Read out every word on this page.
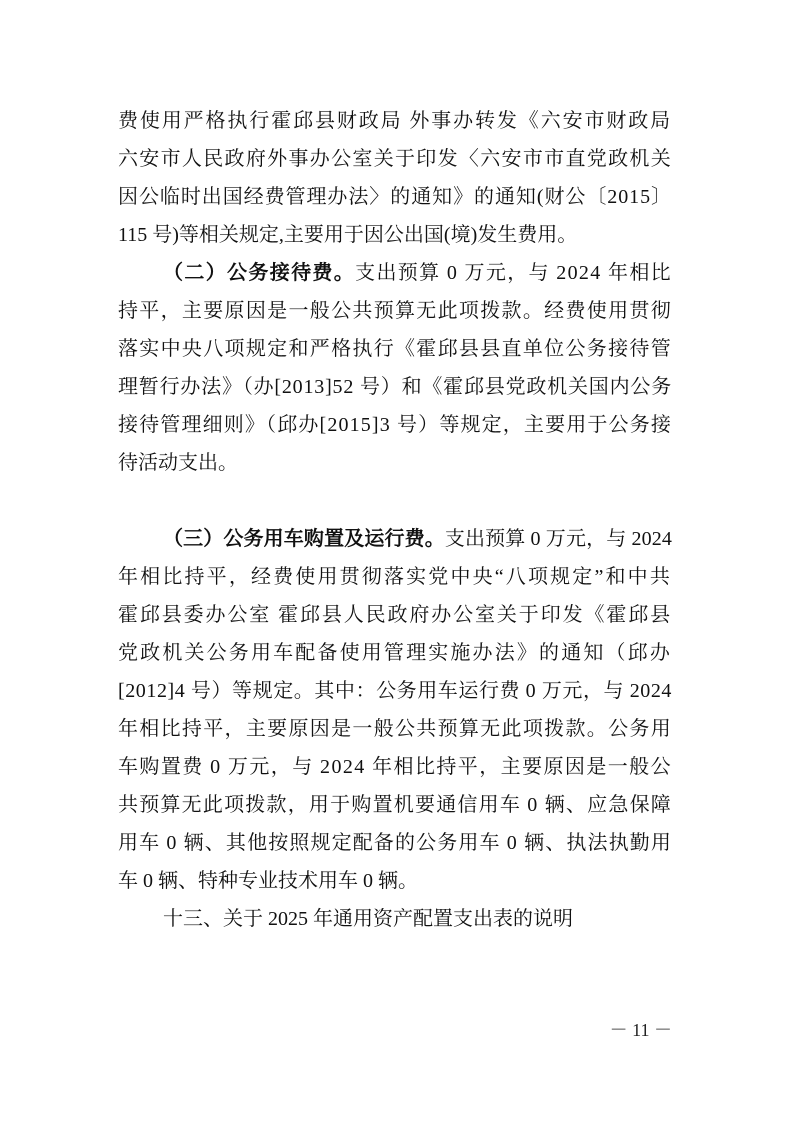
费使用严格执行霍邱县财政局 外事办转发《六安市财政局
六安市人民政府外事办公室关于印发〈六安市市直党政机关
因公临时出国经费管理办法〉的通知》的通知(财公〔2015〕
115 号)等相关规定,主要用于因公出国(境)发生费用。
（二）公务接待费。支出预算 0 万元，与 2024 年相比
持平，主要原因是一般公共预算无此项拨款。经费使用贯彻
落实中央八项规定和严格执行《霍邱县县直单位公务接待管
理暂行办法》（办[2013]52 号）和《霍邱县党政机关国内公务
接待管理细则》（邱办[2015]3 号）等规定，主要用于公务接
待活动支出。
（三）公务用车购置及运行费。支出预算 0 万元，与 2024
年相比持平，经费使用贯彻落实党中央“八项规定”和中共
霍邱县委办公室 霍邱县人民政府办公室关于印发《霍邱县
党政机关公务用车配备使用管理实施办法》的通知（邱办
[2012]4 号）等规定。其中：公务用车运行费 0 万元，与 2024
年相比持平，主要原因是一般公共预算无此项拨款。公务用
车购置费 0 万元，与 2024 年相比持平，主要原因是一般公
共预算无此项拨款，用于购置机要通信用车 0 辆、应急保障
用车 0 辆、其他按照规定配备的公务用车 0 辆、执法执勤用
车 0 辆、特种专业技术用车 0 辆。
十三、关于 2025 年通用资产配置支出表的说明
－ 11 －
